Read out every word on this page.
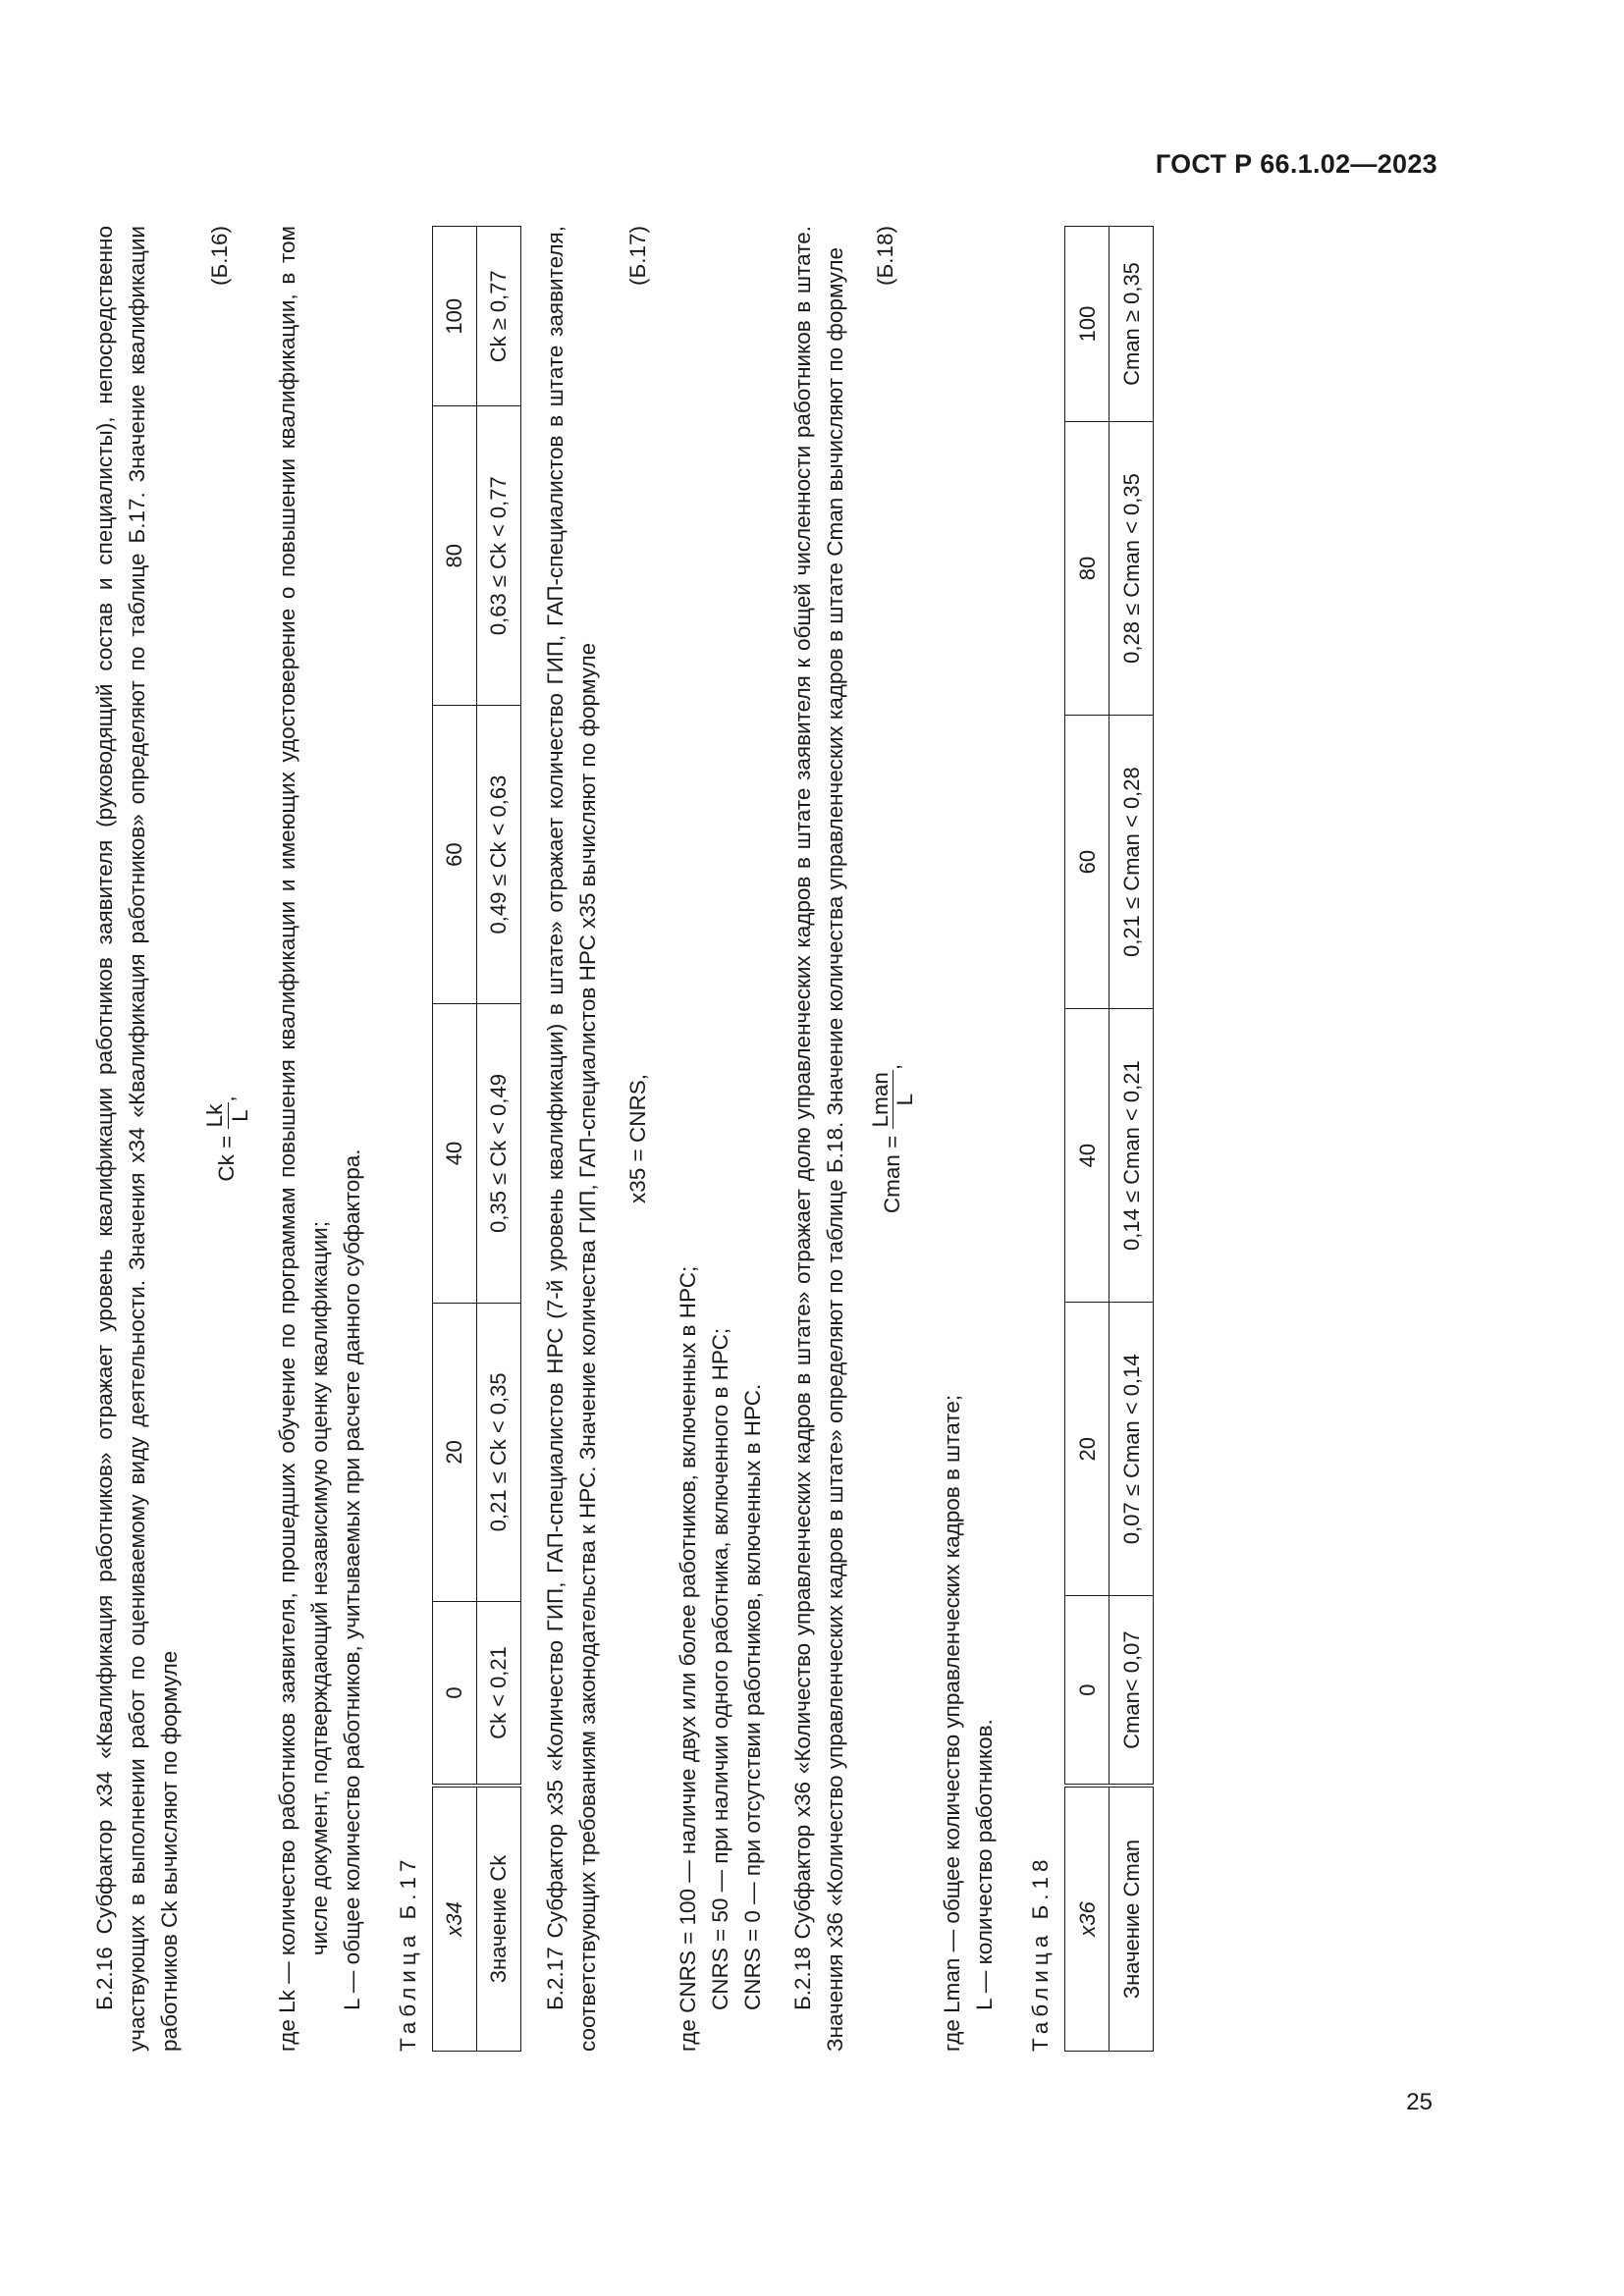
ГОСТ Р 66.1.02—2023

Б.2.16 Субфактор x34 «Квалификация работников» отражает уровень квалификации работников заявителя (руководящий состав и специалисты), непосредственно участвующих в выполнении работ по оцениваемому виду деятельности. Значения x34 «Квалификация работников» определяют по таблице Б.17. Значение квалификации работников Ck вычисляют по формуле

Ck =
Lk L
,
(Б.16)

где Lk —

количество работников заявителя, прошедших обучение по программам повышения квалификации и имеющих удостоверение о повышении квалификации, в том числе документ, подтверждающий независимую оценку квалификации; L — общее количество работников, учитываемых при расчете данного субфактора. Таблица Б.17 x34	0	20	40	60	80	100
Значение Ck	Ck < 0,21	0,21 ≤ Ck < 0,35	0,35 ≤ Ck < 0,49	0,49 ≤ Ck < 0,63	0,63 ≤ Ck < 0,77	Ck ≥ 0,77 Б.2.17 Субфактор x35 «Количество ГИП, ГАП-специалистов НРС (7-й уровень квалификации) в штате» отражает количество ГИП, ГАП-специалистов в штате заявителя, соответствующих требованиям законодательства к НРС. Значение количества ГИП, ГАП-специалистов НРС x35 вычисляют по формуле x35 = CNRS,
(Б.17)

где CNRS = 100 — наличие двух или более работников, включенных в НРС; CNRS = 50 — при наличии одного работника, включенного в НРС; CNRS = 0 — при отсутствии работников, включенных в НРС. Б.2.18 Субфактор x36 «Количество управленческих кадров в штате» отражает долю управленческих кадров в штате заявителя к общей численности работников в штате. Значения x36 «Количество управленческих кадров в штате» определяют по таблице Б.18. Значение количества управленческих кадров в штате Cman вычисляют по формуле	Cman =
Lman L
,
(Б.18)

где Lman — общее количество управленческих кадров в штате; L — количество работников. Таблица Б.18 x36	0	20	40	60	80	100
Значение Cman	Cman< 0,07	0,07 ≤ Cman < 0,14	0,14 ≤ Cman < 0,21	0,21 ≤ Cman < 0,28	0,28 ≤ Cman < 0,35	Cman ≥ 0,35
25
